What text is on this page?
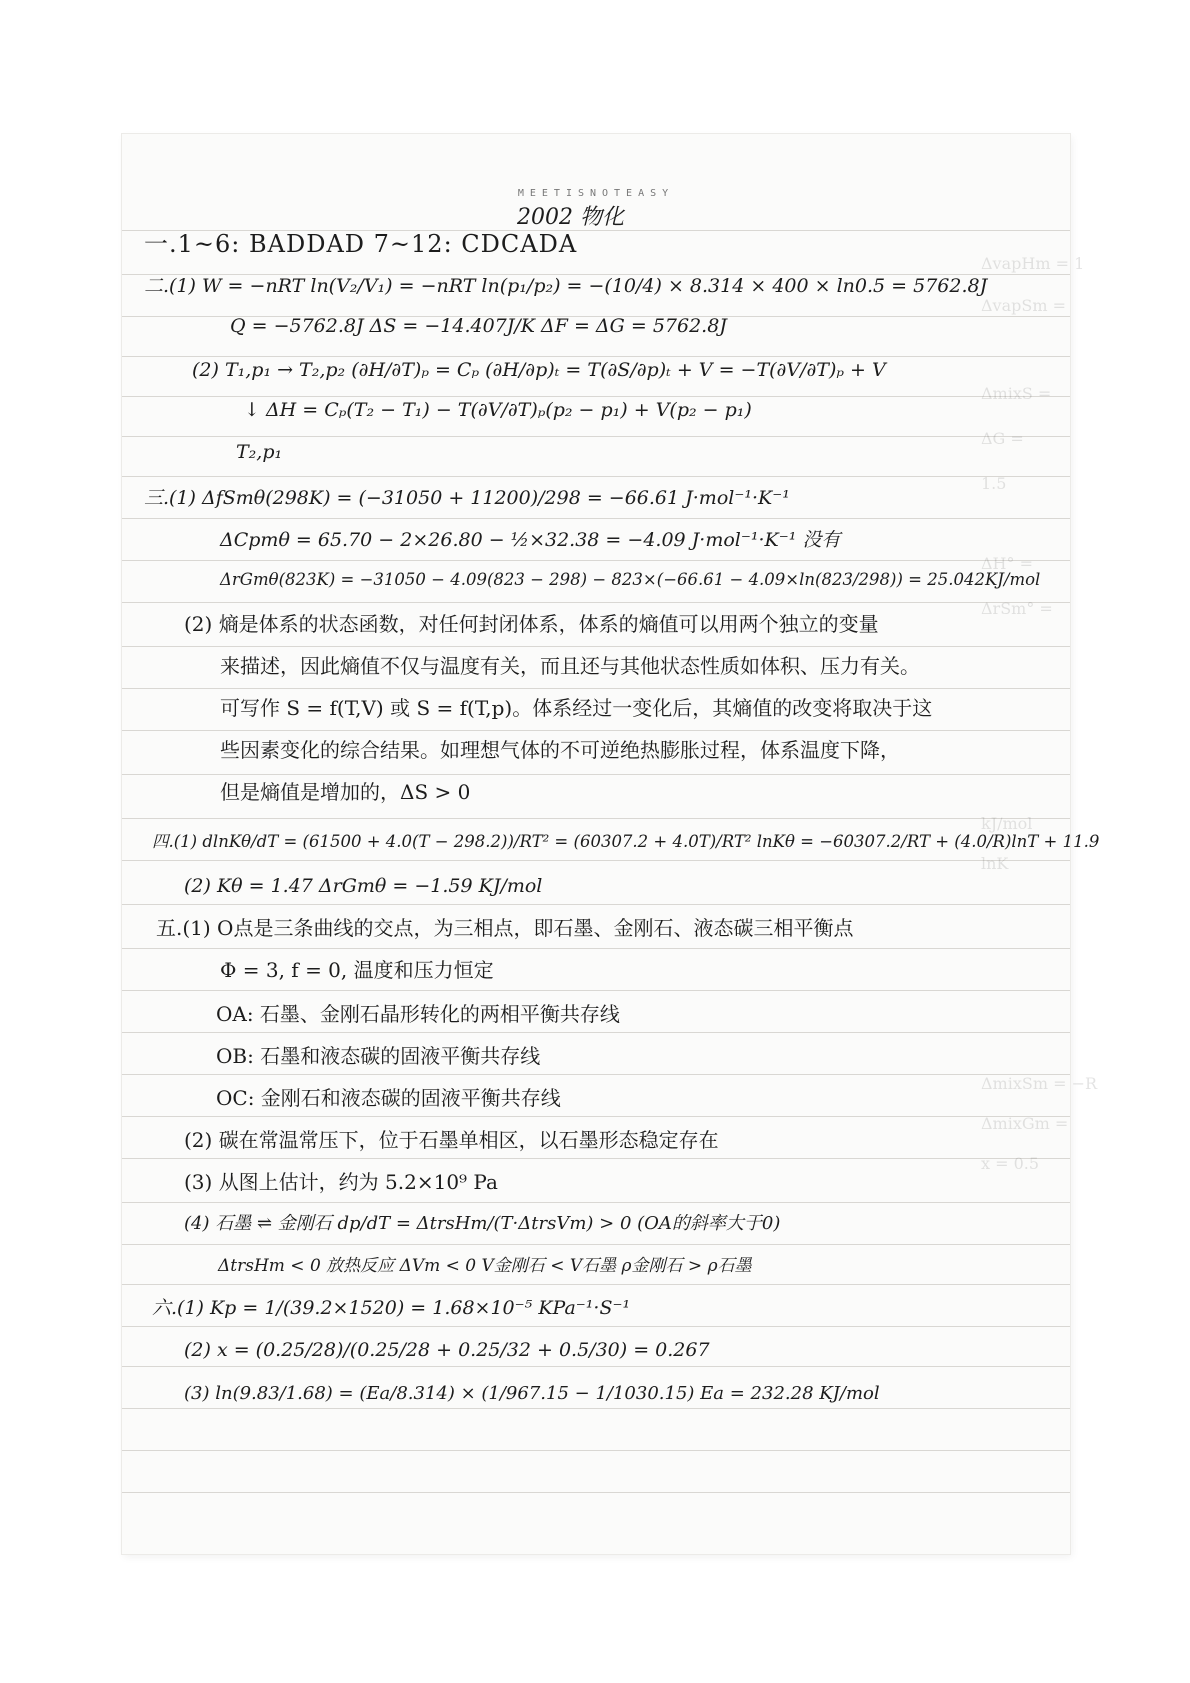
MEETISNOTEASY
ΔvapHm = 1
ΔvapSm =
ΔmixS =
ΔG =
1.5
ΔH° =
ΔrSm° =
kJ/mol
lnK
ΔmixSm = −R
ΔmixGm =
x = 0.5
2002 物化
一.1~6: BADDAD 7~12: CDCADA
二.(1) W = −nRT ln(V₂/V₁) = −nRT ln(p₁/p₂) = −(10/4) × 8.314 × 400 × ln0.5 = 5762.8J
Q = −5762.8J ΔS = −14.407J/K ΔF = ΔG = 5762.8J
(2) T₁,p₁ → T₂,p₂ (∂H/∂T)ₚ = Cₚ (∂H/∂p)ₜ = T(∂S/∂p)ₜ + V = −T(∂V/∂T)ₚ + V
↓ ΔH = Cₚ(T₂ − T₁) − T(∂V/∂T)ₚ(p₂ − p₁) + V(p₂ − p₁)
T₂,p₁
三.(1) ΔfSmθ(298K) = (−31050 + 11200)/298 = −66.61 J·mol⁻¹·K⁻¹
ΔCpmθ = 65.70 − 2×26.80 − ½×32.38 = −4.09 J·mol⁻¹·K⁻¹ 没有
ΔrGmθ(823K) = −31050 − 4.09(823 − 298) − 823×(−66.61 − 4.09×ln(823/298)) = 25.042KJ/mol
(2) 熵是体系的状态函数，对任何封闭体系，体系的熵值可以用两个独立的变量
来描述，因此熵值不仅与温度有关，而且还与其他状态性质如体积、压力有关。
可写作 S = f(T,V) 或 S = f(T,p)。体系经过一变化后，其熵值的改变将取决于这
些因素变化的综合结果。如理想气体的不可逆绝热膨胀过程，体系温度下降，
但是熵值是增加的，ΔS > 0
四.(1) dlnKθ/dT = (61500 + 4.0(T − 298.2))/RT² = (60307.2 + 4.0T)/RT² lnKθ = −60307.2/RT + (4.0/R)lnT + 11.9
(2) Kθ = 1.47 ΔrGmθ = −1.59 KJ/mol
五.(1) O点是三条曲线的交点，为三相点，即石墨、金刚石、液态碳三相平衡点
Φ = 3, f = 0, 温度和压力恒定
OA: 石墨、金刚石晶形转化的两相平衡共存线
OB: 石墨和液态碳的固液平衡共存线
OC: 金刚石和液态碳的固液平衡共存线
(2) 碳在常温常压下，位于石墨单相区，以石墨形态稳定存在
(3) 从图上估计，约为 5.2×10⁹ Pa
(4) 石墨 ⇌ 金刚石 dp/dT = ΔtrsHm/(T·ΔtrsVm) > 0 (OA的斜率大于0)
ΔtrsHm < 0 放热反应 ΔVm < 0 V金刚石 < V石墨 ρ金刚石 > ρ石墨
六.(1) Kp = 1/(39.2×1520) = 1.68×10⁻⁵ KPa⁻¹·S⁻¹
(2) x = (0.25/28)/(0.25/28 + 0.25/32 + 0.5/30) = 0.267
(3) ln(9.83/1.68) = (Ea/8.314) × (1/967.15 − 1/1030.15) Ea = 232.28 KJ/mol
